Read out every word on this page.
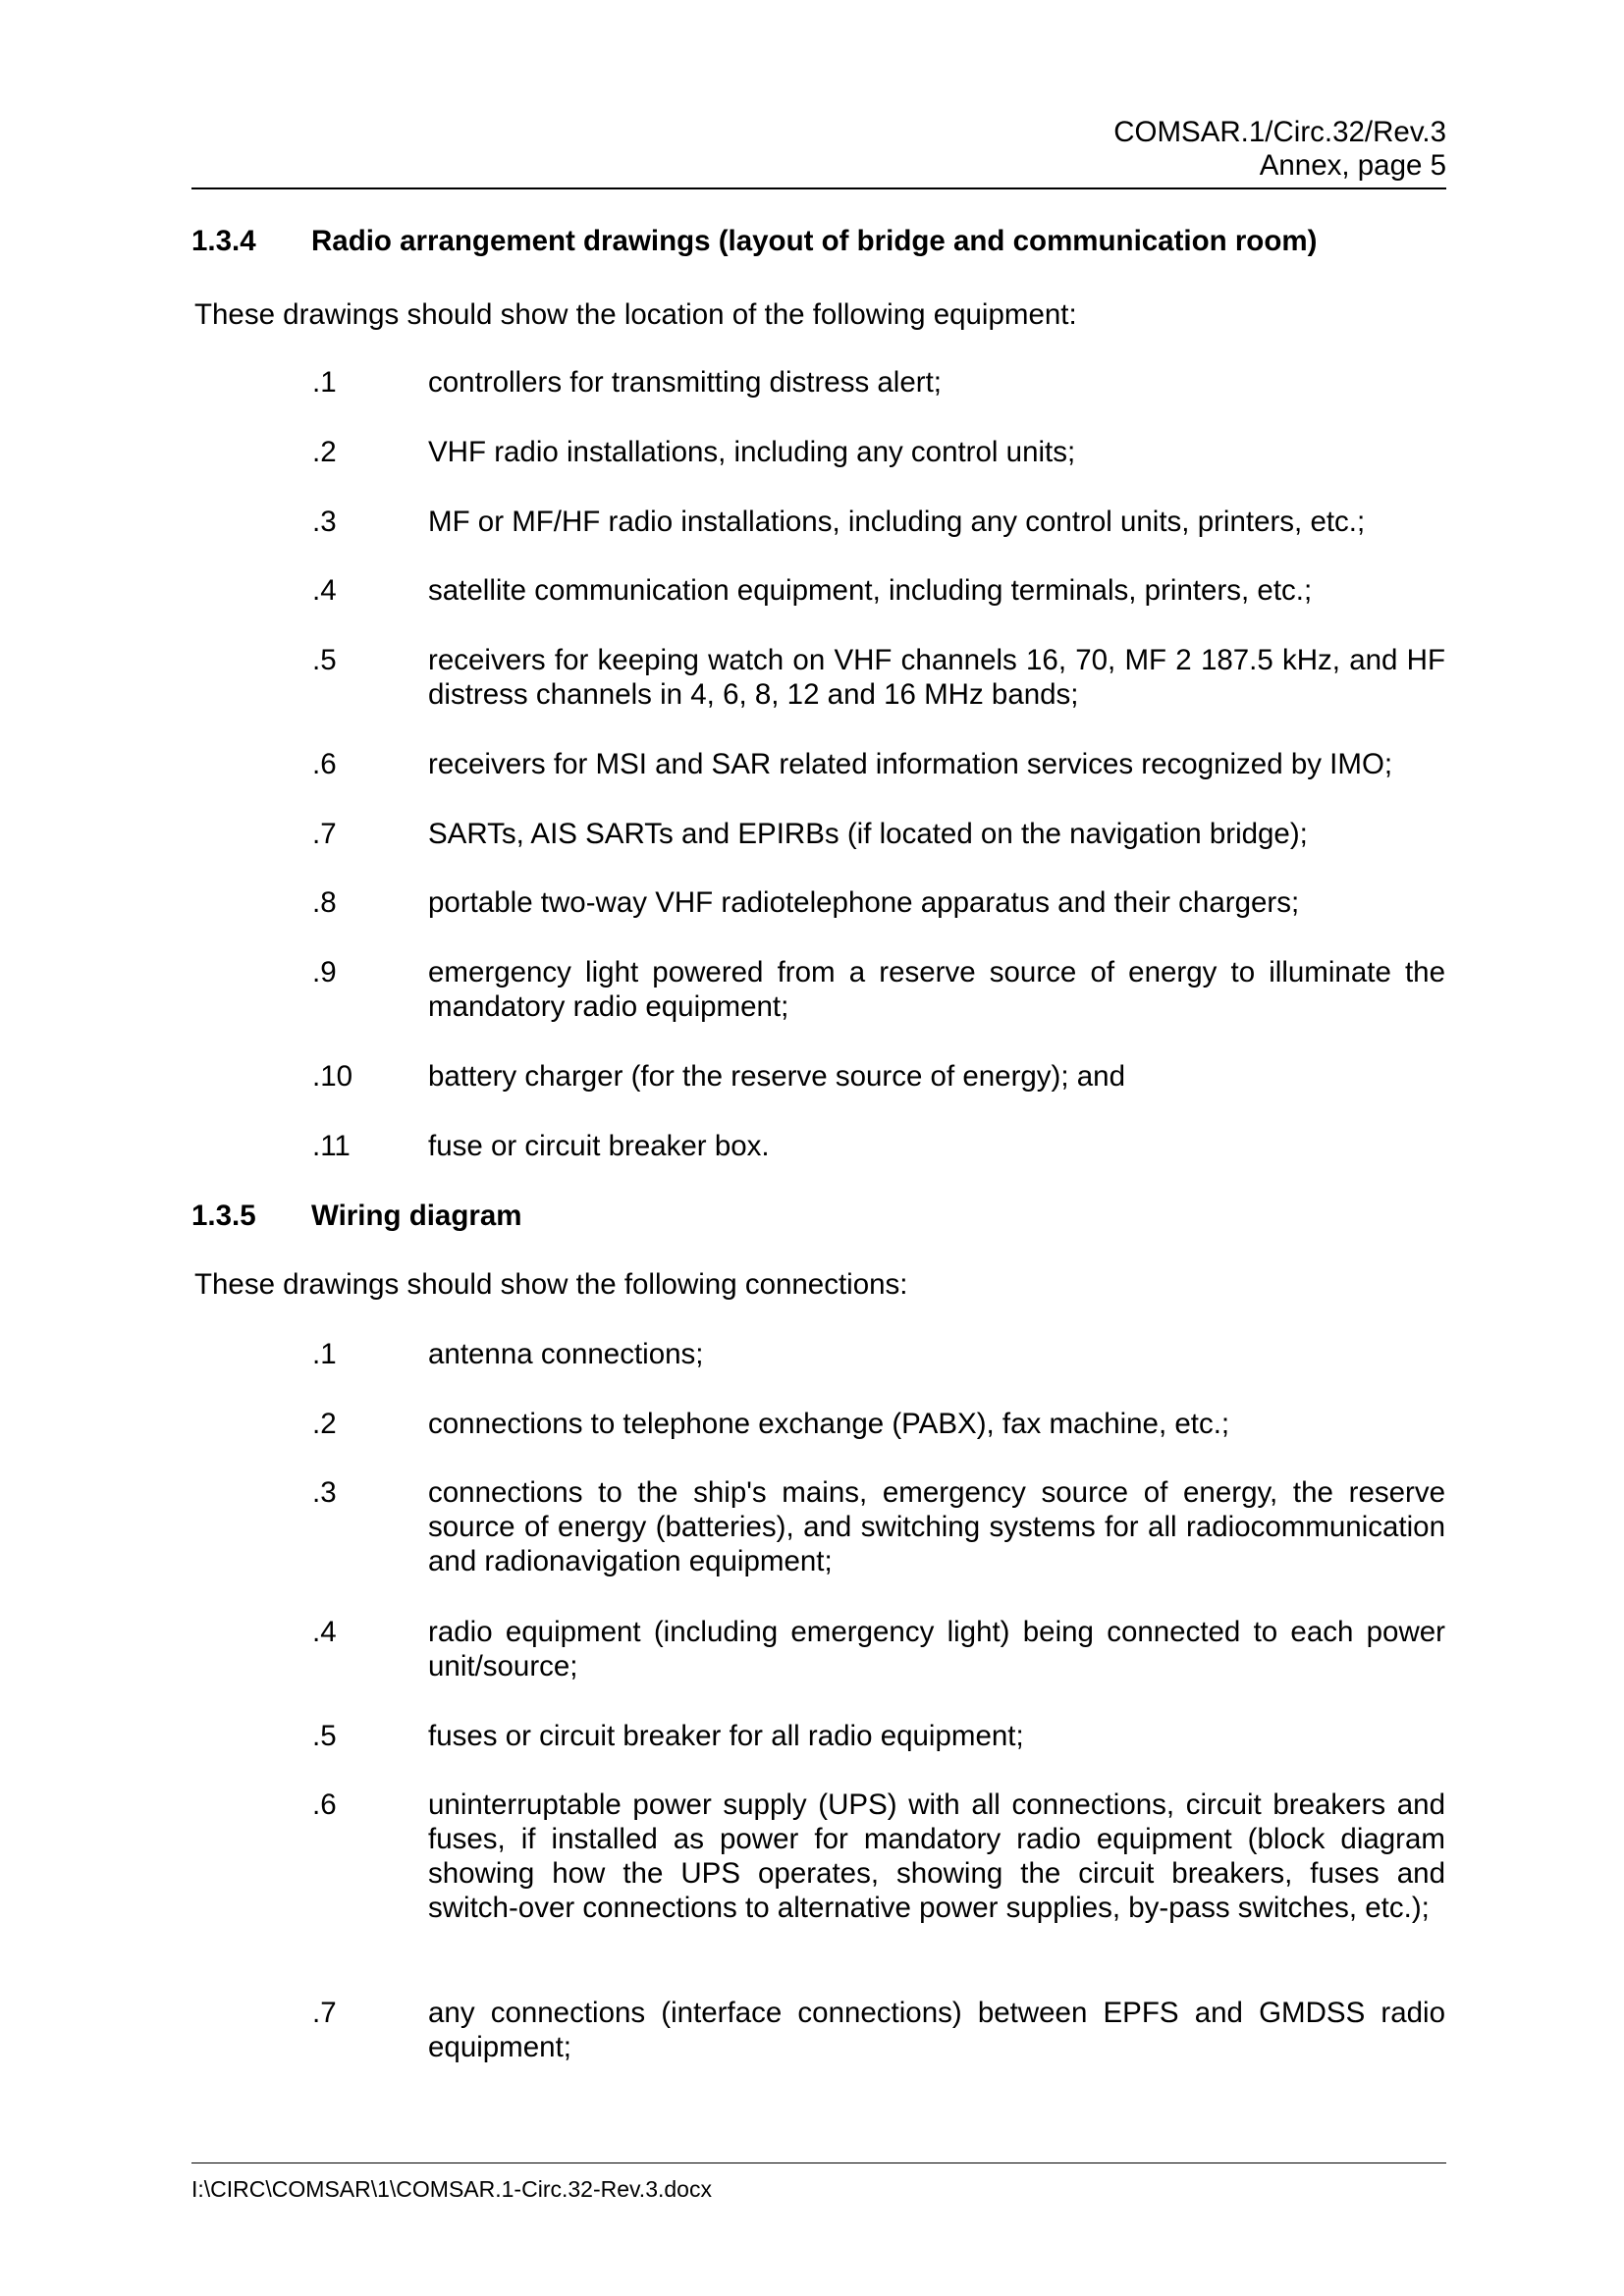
COMSAR.1/Circ.32/Rev.3
Annex, page 5
1.3.4 Radio arrangement drawings (layout of bridge and communication room)
These drawings should show the location of the following equipment:
.1	controllers for transmitting distress alert;
.2	VHF radio installations, including any control units;
.3	MF or MF/HF radio installations, including any control units, printers, etc.;
.4	satellite communication equipment, including terminals, printers, etc.;
.5	receivers for keeping watch on VHF channels 16, 70, MF 2 187.5 kHz, and HF distress channels in 4, 6, 8, 12 and 16 MHz bands;
.6	receivers for MSI and SAR related information services recognized by IMO;
.7	SARTs, AIS SARTs and EPIRBs (if located on the navigation bridge);
.8	portable two-way VHF radiotelephone apparatus and their chargers;
.9	emergency light powered from a reserve source of energy to illuminate the mandatory radio equipment;
.10	battery charger (for the reserve source of energy); and
.11	fuse or circuit breaker box.
1.3.5 Wiring diagram
These drawings should show the following connections:
.1	antenna connections;
.2	connections to telephone exchange (PABX), fax machine, etc.;
.3	connections to the ship's mains, emergency source of energy, the reserve source of energy (batteries), and switching systems for all radiocommunication and radionavigation equipment;
.4	radio equipment (including emergency light) being connected to each power unit/source;
.5	fuses or circuit breaker for all radio equipment;
.6	uninterruptable power supply (UPS) with all connections, circuit breakers and fuses, if installed as power for mandatory radio equipment (block diagram showing how the UPS operates, showing the circuit breakers, fuses and switch-over connections to alternative power supplies, by-pass switches, etc.);
.7	any connections (interface connections) between EPFS and GMDSS radio equipment;
I:\CIRC\COMSAR\1\COMSAR.1-Circ.32-Rev.3.docx
